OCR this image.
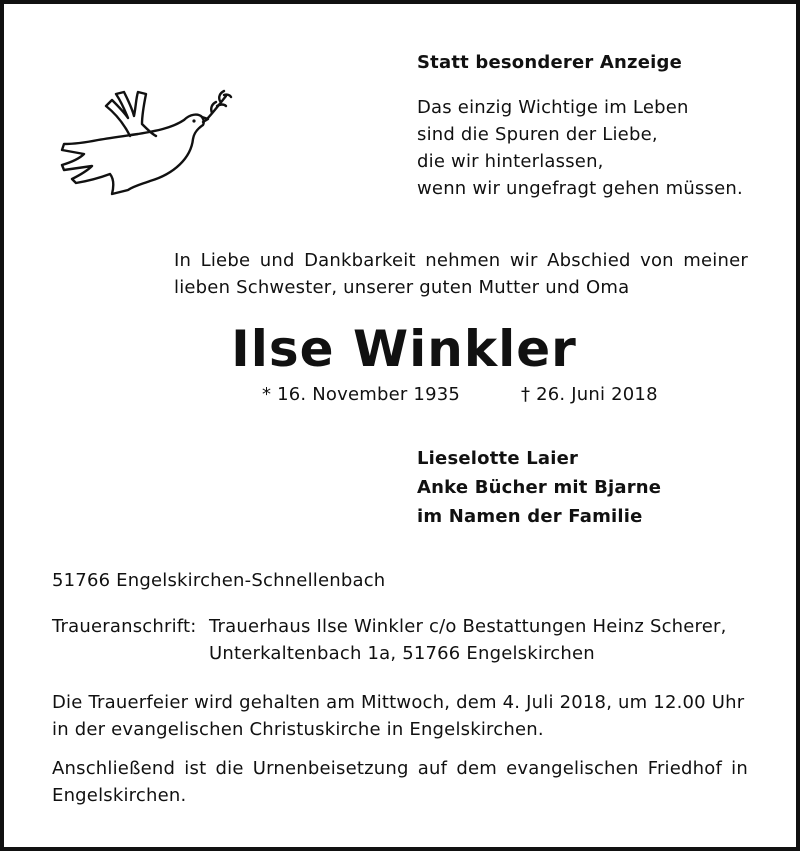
Statt besonderer Anzeige
Das einzig Wichtige im Leben
sind die Spuren der Liebe,
die wir hinterlassen,
wenn wir ungefragt gehen müssen.
In Liebe und Dankbarkeit nehmen wir Abschied von meiner
lieben Schwester, unserer guten Mutter und Oma
Ilse Winkler
* 16. November 1935	† 26. Juni 2018
Lieselotte Laier
Anke Bücher mit Bjarne
im Namen der Familie
51766 Engelskirchen-Schnellenbach
Traueranschrift: Trauerhaus Ilse Winkler c/o Bestattungen Heinz Scherer,
Unterkaltenbach 1a, 51766 Engelskirchen
Die Trauerfeier wird gehalten am Mittwoch, dem 4. Juli 2018, um 12.00 Uhr
in der evangelischen Christuskirche in Engelskirchen.
Anschließend ist die Urnenbeisetzung auf dem evangelischen Friedhof in
Engelskirchen.
